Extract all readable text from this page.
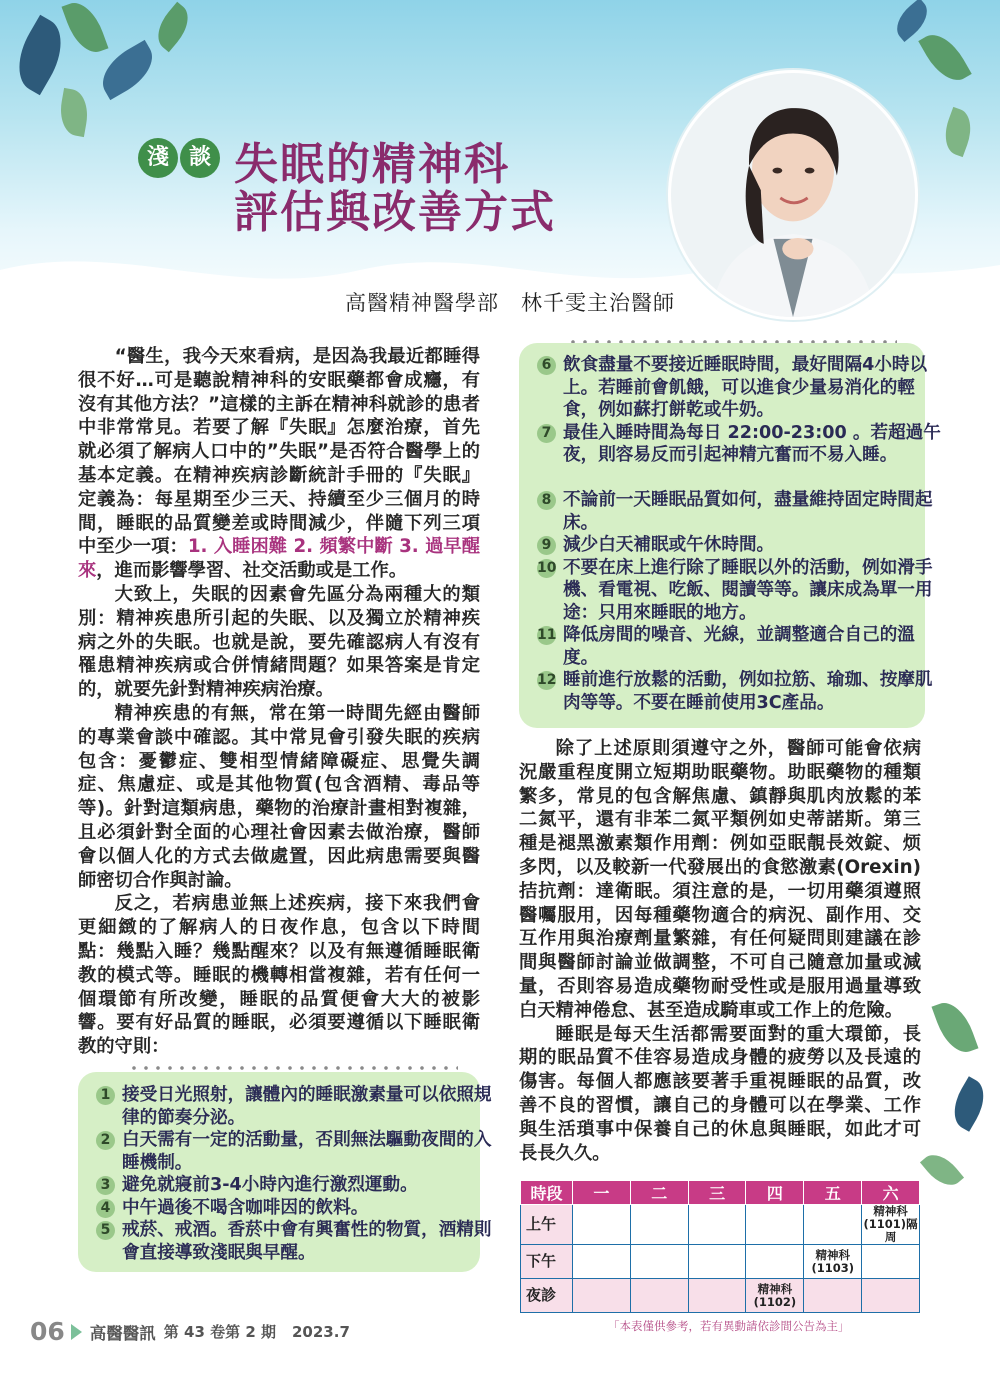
淺 談 失眠的精神科
評估與改善方式
高醫精神醫學部　林千雯主治醫師

“醫生，我今天來看病，是因為我最近都睡得很不好…可是聽說精神科的安眠藥都會成癮，有沒有其他方法？”這樣的主訴在精神科就診的患者中非常常見。若要了解『失眠』怎麼治療，首先就必須了解病人口中的”失眠”是否符合醫學上的基本定義。在精神疾病診斷統計手冊的『失眠』定義為：每星期至少三天、持續至少三個月的時間，睡眠的品質變差或時間減少，伴隨下列三項中至少一項：1. 入睡困難 2. 頻繁中斷 3. 過早醒來，進而影響學習、社交活動或是工作。

大致上，失眠的因素會先區分為兩種大的類別：精神疾患所引起的失眠、以及獨立於精神疾病之外的失眠。也就是說，要先確認病人有沒有罹患精神疾病或合併情緒問題？如果答案是肯定的，就要先針對精神疾病治療。

精神疾患的有無，常在第一時間先經由醫師的專業會談中確認。其中常見會引發失眠的疾病包含：憂鬱症、雙相型情緒障礙症、思覺失調症、焦慮症、或是其他物質(包含酒精、毒品等等)。針對這類病患，藥物的治療計畫相對複雜，且必須針對全面的心理社會因素去做治療，醫師會以個人化的方式去做處置，因此病患需要與醫師密切合作與討論。

反之，若病患並無上述疾病，接下來我們會更細緻的了解病人的日夜作息，包含以下時間點：幾點入睡？幾點醒來？以及有無遵循睡眠衛教的模式等。睡眠的機轉相當複雜，若有任何一個環節有所改變，睡眠的品質便會大大的被影響。要有好品質的睡眠，必須要遵循以下睡眠衛教的守則：

6 飲食盡量不要接近睡眠時間，最好間隔4小時以上。若睡前會飢餓，可以進食少量易消化的輕食，例如蘇打餅乾或牛奶。
7 最佳入睡時間為每日 22:00-23:00 。若超過午夜，則容易反而引起神精亢奮而不易入睡。
8 不論前一天睡眠品質如何，盡量維持固定時間起床。
9 減少白天補眠或午休時間。
10 不要在床上進行除了睡眠以外的活動，例如滑手機、看電視、吃飯、閱讀等等。讓床成為單一用途：只用來睡眠的地方。
11 降低房間的噪音、光線，並調整適合自己的溫度。
12 睡前進行放鬆的活動，例如拉筋、瑜珈、按摩肌肉等等。不要在睡前使用3C產品。
1 接受日光照射，讓體內的睡眠激素量可以依照規律的節奏分泌。
2 白天需有一定的活動量，否則無法驅動夜間的入睡機制。
3 避免就寢前3-4小時內進行激烈運動。
4 中午過後不喝含咖啡因的飲料。
5 戒菸、戒酒。香菸中會有興奮性的物質，酒精則會直接導致淺眠與早醒。

除了上述原則須遵守之外，醫師可能會依病況嚴重程度開立短期助眠藥物。助眠藥物的種類繁多，常見的包含解焦慮、鎮靜與肌肉放鬆的苯二氮平，還有非苯二氮平類例如史蒂諾斯。第三種是褪黑激素類作用劑：例如亞眠靚長效錠、烦多閃，以及較新一代發展出的食慾激素(Orexin)拮抗劑：達衛眠。須注意的是，一切用藥須遵照醫囑服用，因每種藥物適合的病況、副作用、交互作用與治療劑量繁雜，有任何疑問則建議在診間與醫師討論並做調整，不可自己隨意加量或減量，否則容易造成藥物耐受性或是服用過量導致白天精神倦怠、甚至造成騎車或工作上的危險。

睡眠是每天生活都需要面對的重大環節，長期的眠品質不佳容易造成身體的疲勞以及長遠的傷害。每個人都應該要著手重視睡眠的品質，改善不良的習慣，讓自己的身體可以在學業、工作與生活瑣事中保養自己的休息與睡眠，如此才可長長久久。

時段	一	二	三	四	五	六
上午						精神科
(1101)隔周
下午					精神科
(1103)	
夜診				精神科
(1102)		
「本表僅供參考，若有異動請依診間公告為主」
06 高醫醫訊 第 43 卷第 2 期 2023.7
